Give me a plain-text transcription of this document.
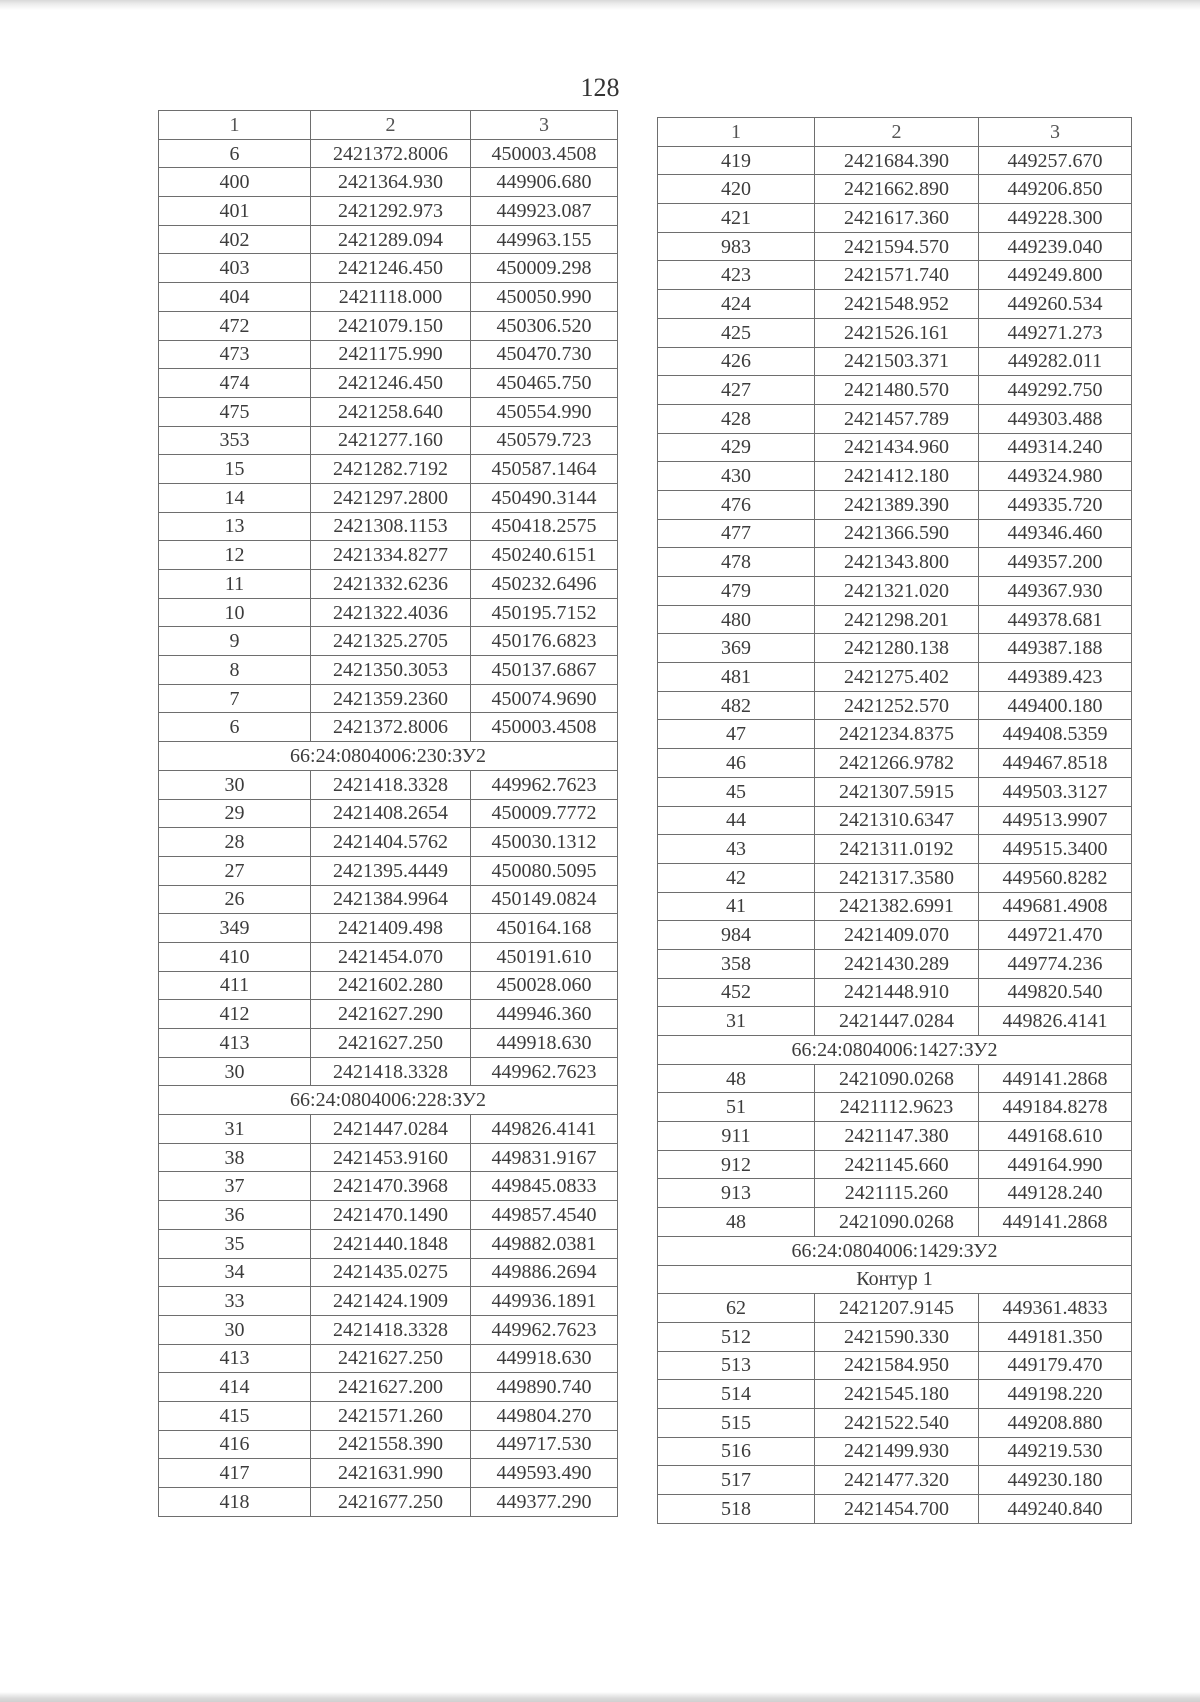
128
1	2	3
6	2421372.8006	450003.4508
400	2421364.930	449906.680
401	2421292.973	449923.087
402	2421289.094	449963.155
403	2421246.450	450009.298
404	2421118.000	450050.990
472	2421079.150	450306.520
473	2421175.990	450470.730
474	2421246.450	450465.750
475	2421258.640	450554.990
353	2421277.160	450579.723
15	2421282.7192	450587.1464
14	2421297.2800	450490.3144
13	2421308.1153	450418.2575
12	2421334.8277	450240.6151
11	2421332.6236	450232.6496
10	2421322.4036	450195.7152
9	2421325.2705	450176.6823
8	2421350.3053	450137.6867
7	2421359.2360	450074.9690
6	2421372.8006	450003.4508
66:24:0804006:230:ЗУ2		
30	2421418.3328	449962.7623
29	2421408.2654	450009.7772
28	2421404.5762	450030.1312
27	2421395.4449	450080.5095
26	2421384.9964	450149.0824
349	2421409.498	450164.168
410	2421454.070	450191.610
411	2421602.280	450028.060
412	2421627.290	449946.360
413	2421627.250	449918.630
30	2421418.3328	449962.7623
66:24:0804006:228:ЗУ2		
31	2421447.0284	449826.4141
38	2421453.9160	449831.9167
37	2421470.3968	449845.0833
36	2421470.1490	449857.4540
35	2421440.1848	449882.0381
34	2421435.0275	449886.2694
33	2421424.1909	449936.1891
30	2421418.3328	449962.7623
413	2421627.250	449918.630
414	2421627.200	449890.740
415	2421571.260	449804.270
416	2421558.390	449717.530
417	2421631.990	449593.490
418	2421677.250	449377.290
1	2	3
419	2421684.390	449257.670
420	2421662.890	449206.850
421	2421617.360	449228.300
983	2421594.570	449239.040
423	2421571.740	449249.800
424	2421548.952	449260.534
425	2421526.161	449271.273
426	2421503.371	449282.011
427	2421480.570	449292.750
428	2421457.789	449303.488
429	2421434.960	449314.240
430	2421412.180	449324.980
476	2421389.390	449335.720
477	2421366.590	449346.460
478	2421343.800	449357.200
479	2421321.020	449367.930
480	2421298.201	449378.681
369	2421280.138	449387.188
481	2421275.402	449389.423
482	2421252.570	449400.180
47	2421234.8375	449408.5359
46	2421266.9782	449467.8518
45	2421307.5915	449503.3127
44	2421310.6347	449513.9907
43	2421311.0192	449515.3400
42	2421317.3580	449560.8282
41	2421382.6991	449681.4908
984	2421409.070	449721.470
358	2421430.289	449774.236
452	2421448.910	449820.540
31	2421447.0284	449826.4141
66:24:0804006:1427:ЗУ2		
48	2421090.0268	449141.2868
51	2421112.9623	449184.8278
911	2421147.380	449168.610
912	2421145.660	449164.990
913	2421115.260	449128.240
48	2421090.0268	449141.2868
66:24:0804006:1429:ЗУ2		
Контур 1		
62	2421207.9145	449361.4833
512	2421590.330	449181.350
513	2421584.950	449179.470
514	2421545.180	449198.220
515	2421522.540	449208.880
516	2421499.930	449219.530
517	2421477.320	449230.180
518	2421454.700	449240.840
